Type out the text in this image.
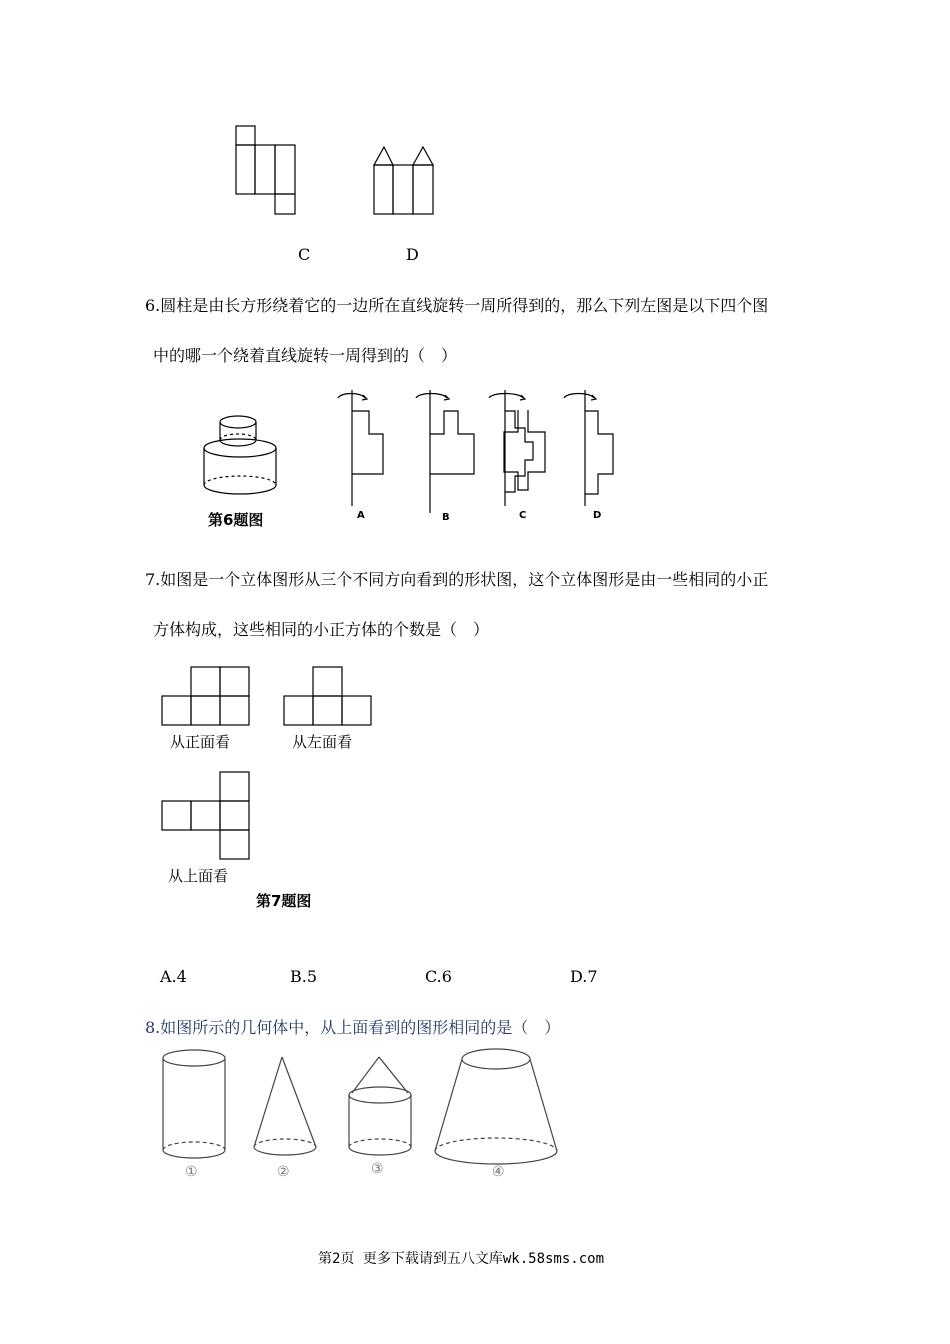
C	D
6.圆柱是由长方形绕着它的一边所在直线旋转一周所得到的，那么下列左图是以下四个图
中的哪一个绕着直线旋转一周得到的（　）
第6题图	A	B	C	D
7.如图是一个立体图形从三个不同方向看到的形状图，这个立体图形是由一些相同的小正
方体构成，这些相同的小正方体的个数是（　）
从正面看	从左面看
从上面看
第7题图
A.4	B.5	C.6	D.7
8.如图所示的几何体中，从上面看到的图形相同的是（　）
①	②	③	④
第2页 更多下载请到五八文库wk.58sms.com
